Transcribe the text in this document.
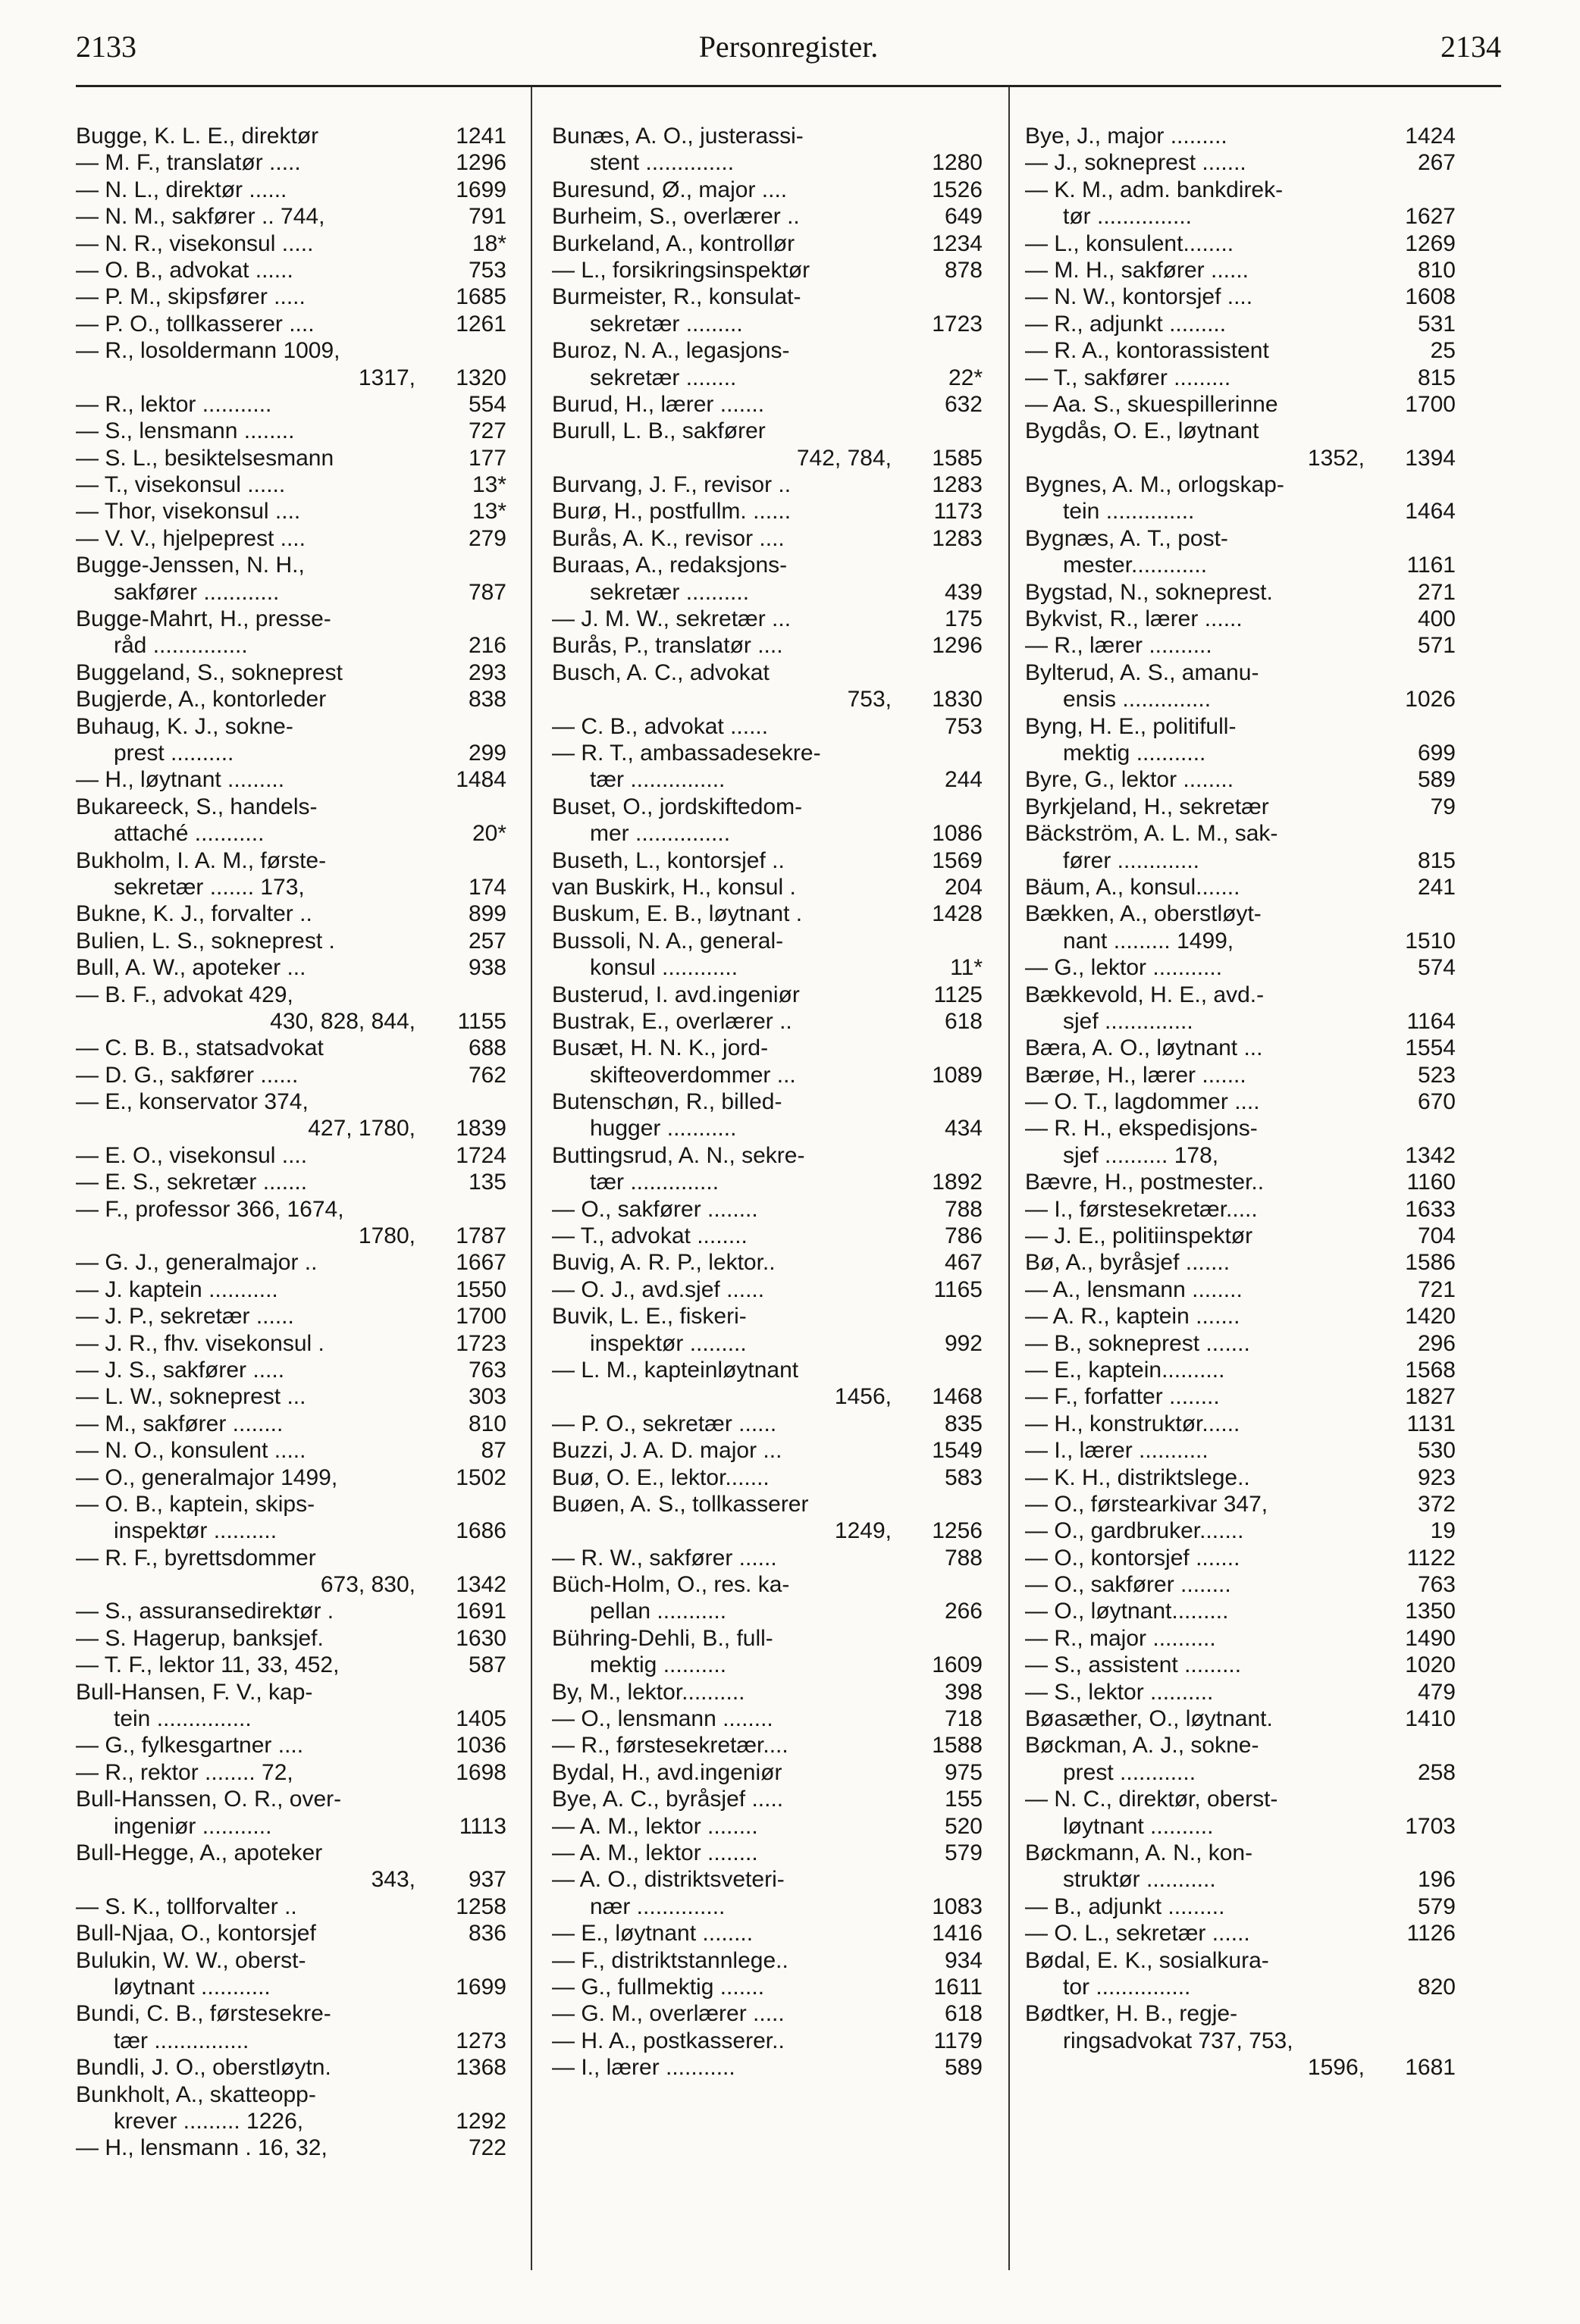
2133	Personregister.	2134
Bugge, K. L. E., direktør	1241
— M. F., translatør .....	1296
— N. L., direktør ......	1699
— N. M., sakfører .. 744,	791
— N. R., visekonsul .....	18*
— O. B., advokat ......	753
— P. M., skipsfører .....	1685
— P. O., tollkasserer ....	1261
— R., losoldermann 1009,
1317, 1320
— R., lektor ...........	554
— S., lensmann ........	727
— S. L., besiktelsesmann	177
— T., visekonsul ......	13*
— Thor, visekonsul ....	13*
— V. V., hjelpeprest ....	279
Bugge-Jenssen, N. H.,
sakfører ............	787
Bugge-Mahrt, H., presse-
råd ...............	216
Buggeland, S., sokneprest	293
Bugjerde, A., kontorleder	838
Buhaug, K. J., sokne-
prest ..........	299
— H., løytnant .........	1484
Bukareeck, S., handels-
attaché ...........	20*
Bukholm, I. A. M., første-
sekretær ....... 173,	174
Bukne, K. J., forvalter ..	899
Bulien, L. S., sokneprest .	257
Bull, A. W., apoteker ...	938
— B. F., advokat 429,
430, 828, 844, 1155
— C. B. B., statsadvokat	688
— D. G., sakfører ......	762
— E., konservator 374,
427, 1780, 1839
— E. O., visekonsul ....	1724
— E. S., sekretær .......	135
— F., professor 366, 1674,
1780, 1787
— G. J., generalmajor ..	1667
— J. kaptein ...........	1550
— J. P., sekretær ......	1700
— J. R., fhv. visekonsul .	1723
— J. S., sakfører .....	763
— L. W., sokneprest ...	303
— M., sakfører ........	810
— N. O., konsulent .....	87
— O., generalmajor 1499,	1502
— O. B., kaptein, skips-
inspektør ..........	1686
— R. F., byrettsdommer
673, 830, 1342
— S., assuransedirektør .	1691
— S. Hagerup, banksjef.	1630
— T. F., lektor 11, 33, 452,	587
Bull-Hansen, F. V., kap-
tein ...............	1405
— G., fylkesgartner ....	1036
— R., rektor ........ 72,	1698
Bull-Hanssen, O. R., over-
ingeniør ...........	1113
Bull-Hegge, A., apoteker
343, 937
— S. K., tollforvalter ..	1258
Bull-Njaa, O., kontorsjef	836
Bulukin, W. W., oberst-
løytnant ...........	1699
Bundi, C. B., førstesekre-
tær ...............	1273
Bundli, J. O., oberstløytn.	1368
Bunkholt, A., skatteopp-
krever ......... 1226,	1292
— H., lensmann . 16, 32,	722
Bunæs, A. O., justerassi-
stent ..............	1280
Buresund, Ø., major ....	1526
Burheim, S., overlærer ..	649
Burkeland, A., kontrollør	1234
— L., forsikringsinspektør	878
Burmeister, R., konsulat-
sekretær .........	1723
Buroz, N. A., legasjons-
sekretær ........	22*
Burud, H., lærer .......	632
Burull, L. B., sakfører
742, 784, 1585
Burvang, J. F., revisor ..	1283
Burø, H., postfullm. ......	1173
Burås, A. K., revisor ....	1283
Buraas, A., redaksjons-
sekretær ..........	439
— J. M. W., sekretær ...	175
Burås, P., translatør ....	1296
Busch, A. C., advokat
753, 1830
— C. B., advokat ......	753
— R. T., ambassadesekre-
tær ...............	244
Buset, O., jordskiftedom-
mer ...............	1086
Buseth, L., kontorsjef ..	1569
van Buskirk, H., konsul .	204
Buskum, E. B., løytnant .	1428
Bussoli, N. A., general-
konsul ............	11*
Busterud, I. avd.ingeniør	1125
Bustrak, E., overlærer ..	618
Busæt, H. N. K., jord-
skifteoverdommer ...	1089
Butenschøn, R., billed-
hugger ...........	434
Buttingsrud, A. N., sekre-
tær ..............	1892
— O., sakfører ........	788
— T., advokat ........	786
Buvig, A. R. P., lektor..	467
— O. J., avd.sjef ......	1165
Buvik, L. E., fiskeri-
inspektør .........	992
— L. M., kapteinløytnant
1456, 1468
— P. O., sekretær ......	835
Buzzi, J. A. D. major ...	1549
Buø, O. E., lektor.......	583
Buøen, A. S., tollkasserer
1249, 1256
— R. W., sakfører ......	788
Büch-Holm, O., res. ka-
pellan ...........	266
Bühring-Dehli, B., full-
mektig ..........	1609
By, M., lektor..........	398
— O., lensmann ........	718
— R., førstesekretær....	1588
Bydal, H., avd.ingeniør	975
Bye, A. C., byråsjef .....	155
— A. M., lektor ........	520
— A. M., lektor ........	579
— A. O., distriktsveteri-
nær ..............	1083
— E., løytnant ........	1416
— F., distriktstannlege..	934
— G., fullmektig .......	1611
— G. M., overlærer .....	618
— H. A., postkasserer..	1179
— I., lærer ...........	589
Bye, J., major .........	1424
— J., sokneprest .......	267
— K. M., adm. bankdirek-
tør ...............	1627
— L., konsulent........	1269
— M. H., sakfører ......	810
— N. W., kontorsjef ....	1608
— R., adjunkt .........	531
— R. A., kontorassistent	25
— T., sakfører .........	815
— Aa. S., skuespillerinne	1700
Bygdås, O. E., løytnant
1352, 1394
Bygnes, A. M., orlogskap-
tein ..............	1464
Bygnæs, A. T., post-
mester............	1161
Bygstad, N., sokneprest.	271
Bykvist, R., lærer ......	400
— R., lærer ..........	571
Bylterud, A. S., amanu-
ensis ..............	1026
Byng, H. E., politifull-
mektig ...........	699
Byre, G., lektor ........	589
Byrkjeland, H., sekretær	79
Bäckström, A. L. M., sak-
fører .............	815
Bäum, A., konsul.......	241
Bækken, A., oberstløyt-
nant ......... 1499,	1510
— G., lektor ...........	574
Bækkevold, H. E., avd.-
sjef ..............	1164
Bæra, A. O., løytnant ...	1554
Bærøe, H., lærer .......	523
— O. T., lagdommer ....	670
— R. H., ekspedisjons-
sjef .......... 178,	1342
Bævre, H., postmester..	1160
— I., førstesekretær.....	1633
— J. E., politiinspektør	704
Bø, A., byråsjef .......	1586
— A., lensmann ........	721
— A. R., kaptein .......	1420
— B., sokneprest .......	296
— E., kaptein..........	1568
— F., forfatter ........	1827
— H., konstruktør......	1131
— I., lærer ...........	530
— K. H., distriktslege..	923
— O., førstearkivar 347,	372
— O., gardbruker.......	19
— O., kontorsjef .......	1122
— O., sakfører ........	763
— O., løytnant.........	1350
— R., major ..........	1490
— S., assistent .........	1020
— S., lektor ..........	479
Bøasæther, O., løytnant.	1410
Bøckman, A. J., sokne-
prest ............	258
— N. C., direktør, oberst-
løytnant ..........	1703
Bøckmann, A. N., kon-
struktør ...........	196
— B., adjunkt .........	579
— O. L., sekretær ......	1126
Bødal, E. K., sosialkura-
tor ...............	820
Bødtker, H. B., regje-
ringsadvokat 737, 753,
1596, 1681
